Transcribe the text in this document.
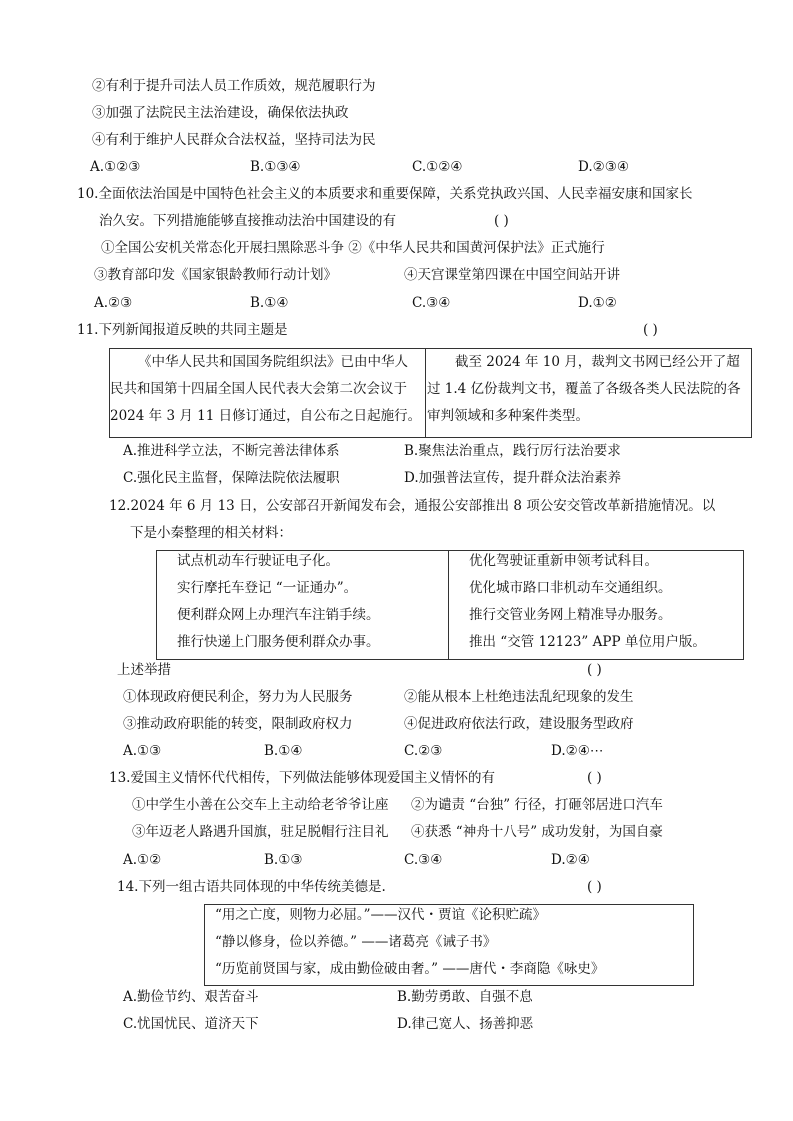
②有利于提升司法人员工作质效，规范履职行为
③加强了法院民主法治建设，确保依法执政
④有利于维护人民群众合法权益，坚持司法为民
A.①②③	B.①③④	C.①②④	D.②③④
10.全面依法治国是中国特色社会主义的本质要求和重要保障，关系党执政兴国、人民幸福安康和国家长
治久安。下列措施能够直接推动法治中国建设的有	( )
①全国公安机关常态化开展扫黑除恶斗争 ②《中华人民共和国黄河保护法》正式施行
③教育部印发《国家银龄教师行动计划》	④天宫课堂第四课在中国空间站开讲
A.②③	B.①④	C.③④	D.①②
11.下列新闻报道反映的共同主题是	( )
《中华人民共和国国务院组织法》已由中华人
民共和国第十四届全国人民代表大会第二次会议于
2024 年 3 月 11 日修订通过，自公布之日起施行。
截至 2024 年 10 月，裁判文书网已经公开了超
过 1.4 亿份裁判文书，覆盖了各级各类人民法院的各
审判领域和多种案件类型。
A.推进科学立法，不断完善法律体系	B.聚焦法治重点，践行厉行法治要求
C.强化民主监督，保障法院依法履职	D.加强普法宣传，提升群众法治素养
12.2024 年 6 月 13 日，公安部召开新闻发布会，通报公安部推出 8 项公安交管改革新措施情况。以
下是小秦整理的相关材料：
试点机动车行驶证电子化。
实行摩托车登记 “一证通办”。
便利群众网上办理汽车注销手续。
推行快递上门服务便利群众办事。
优化驾驶证重新申领考试科目。
优化城市路口非机动车交通组织。
推行交管业务网上精准导办服务。
推出 “交管 12123” APP 单位用户版。
上述举措	( )
①体现政府便民利企，努力为人民服务	②能从根本上杜绝违法乱纪现象的发生
③推动政府职能的转变，限制政府权力	④促进政府依法行政，建设服务型政府
A.①③	B.①④	C.②③	D.②④⋯
13.爱国主义情怀代代相传，下列做法能够体现爱国主义情怀的有	( )
①中学生小善在公交车上主动给老爷爷让座 ②为谴责 “台独” 行径，打砸邻居进口汽车
③年迈老人路遇升国旗，驻足脱帽行注目礼 ④获悉 “神舟十八号” 成功发射，为国自豪
A.①②	B.①③	C.③④	D.②④
14.下列一组古语共同体现的中华传统美德是.	( )
“用之亡度，则物力必屈。”——汉代・贾谊《论积贮疏》
“静以修身，俭以养德。” ——诸葛亮《诫子书》
“历览前贤国与家，成由勤俭破由奢。” ——唐代・李商隐《咏史》
A.勤俭节约、艰苦奋斗	B.勤劳勇敢、自强不息
C.忧国忧民、道济天下	D.律己宽人、扬善抑恶
